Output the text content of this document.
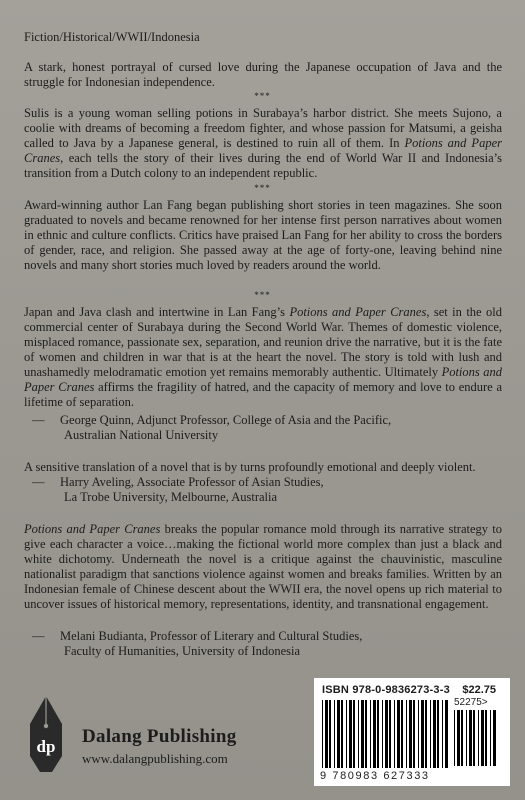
Fiction/Historical/WWII/Indonesia

A stark, honest portrayal of cursed love during the Japanese occupation of Java and the struggle for Indonesian independence.

***

Sulis is a young woman selling potions in Surabaya’s harbor district. She meets Sujono, a coolie with dreams of becoming a freedom fighter, and whose passion for Matsumi, a geisha called to Java by a Japanese general, is destined to ruin all of them. In Potions and Paper Cranes, each tells the story of their lives during the end of World War II and Indonesia’s transition from a Dutch colony to an independent republic.

***

Award-winning author Lan Fang began publishing short stories in teen magazines. She soon graduated to novels and became renowned for her intense first person narratives about women in ethnic and culture conflicts. Critics have praised Lan Fang for her ability to cross the borders of gender, race, and religion. She passed away at the age of forty-one, leaving behind nine novels and many short stories much loved by readers around the world.

***

Japan and Java clash and intertwine in Lan Fang’s Potions and Paper Cranes, set in the old commercial center of Surabaya during the Second World War. Themes of domestic violence, misplaced romance, passionate sex, separation, and reunion drive the narrative, but it is the fate of women and children in war that is at the heart the novel. The story is told with lush and unashamedly melodramatic emotion yet remains memorably authentic. Ultimately Potions and Paper Cranes affirms the fragility of hatred, and the capacity of memory and love to endure a lifetime of separation.

— George Quinn, Adjunct Professor, College of Asia and the Pacific,
Australian National University

A sensitive translation of a novel that is by turns profoundly emotional and deeply violent.

— Harry Aveling, Associate Professor of Asian Studies,
La Trobe University, Melbourne, Australia

Potions and Paper Cranes breaks the popular romance mold through its narrative strategy to give each character a voice…making the fictional world more complex than just a black and white dichotomy. Underneath the novel is a critique against the chauvinistic, masculine nationalist paradigm that sanctions violence against women and breaks families. Written by an Indonesian female of Chinese descent about the WWII era, the novel opens up rich material to uncover issues of historical memory, representations, identity, and transnational engagement.

— Melani Budianta, Professor of Literary and Cultural Studies,
Faculty of Humanities, University of Indonesia
dp Dalang Publishing
www.dalangpublishing.com
ISBN 978-0-9836273-3-3 $22.75
52275>
9 780983 627333
